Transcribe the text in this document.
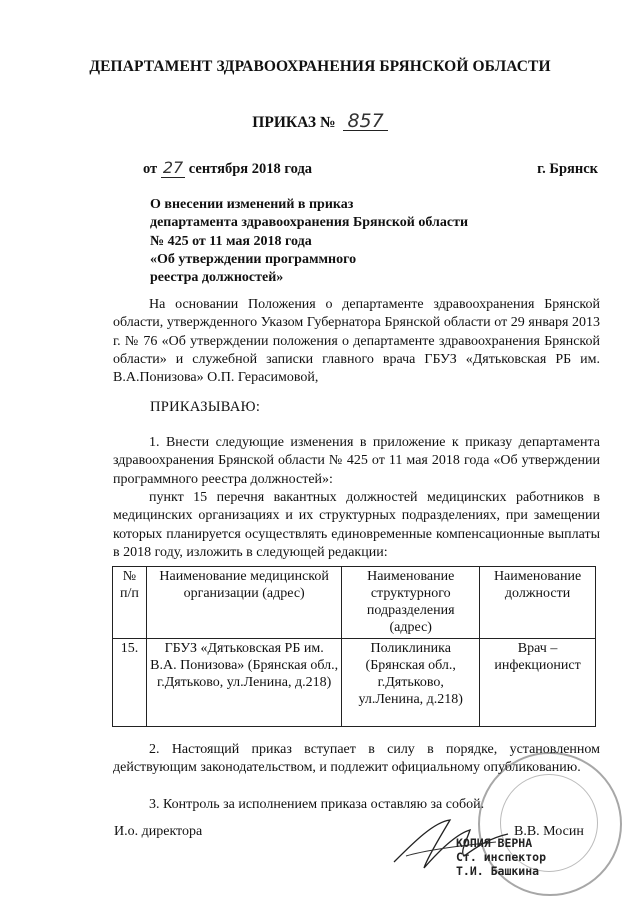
ДЕПАРТАМЕНТ ЗДРАВООХРАНЕНИЯ БРЯНСКОЙ ОБЛАСТИ
ПРИКАЗ № 857
от 27 сентября 2018 года	г. Брянск
О внесении изменений в приказ
департамента здравоохранения Брянской области
№ 425 от 11 мая 2018 года
«Об утверждении программного
реестра должностей»
На основании Положения о департаменте здравоохранения Брянской области, утвержденного Указом Губернатора Брянской области от 29 января 2013 г. № 76 «Об утверждении положения о департаменте здравоохранения Брянской области» и служебной записки главного врача ГБУЗ «Дятьковская РБ им. В.А.Понизова» О.П. Герасимовой,
ПРИКАЗЫВАЮ:
1. Внести следующие изменения в приложение к приказу департамента здравоохранения Брянской области № 425 от 11 мая 2018 года «Об утверждении программного реестра должностей»:
пункт 15 перечня вакантных должностей медицинских работников в медицинских организациях и их структурных подразделениях, при замещении которых планируется осуществлять единовременные компенсационные выплаты в 2018 году, изложить в следующей редакции:
№ п/п	Наименование медицинской организации (адрес)	Наименование структурного подразделения (адрес)	Наименование должности
15.	ГБУЗ «Дятьковская РБ им. В.А. Понизова» (Брянская обл., г.Дятьково, ул.Ленина, д.218)	Поликлиника (Брянская обл., г.Дятьково, ул.Ленина, д.218)	Врач – инфекционист
2. Настоящий приказ вступает в силу в порядке, установленном действующим законодательством, и подлежит официальному опубликованию.
3. Контроль за исполнением приказа оставляю за собой.
И.о. директора	В.В. Мосин
КОПИЯ ВЕРНА
Ст. инспектор
Т.И. Башкина
